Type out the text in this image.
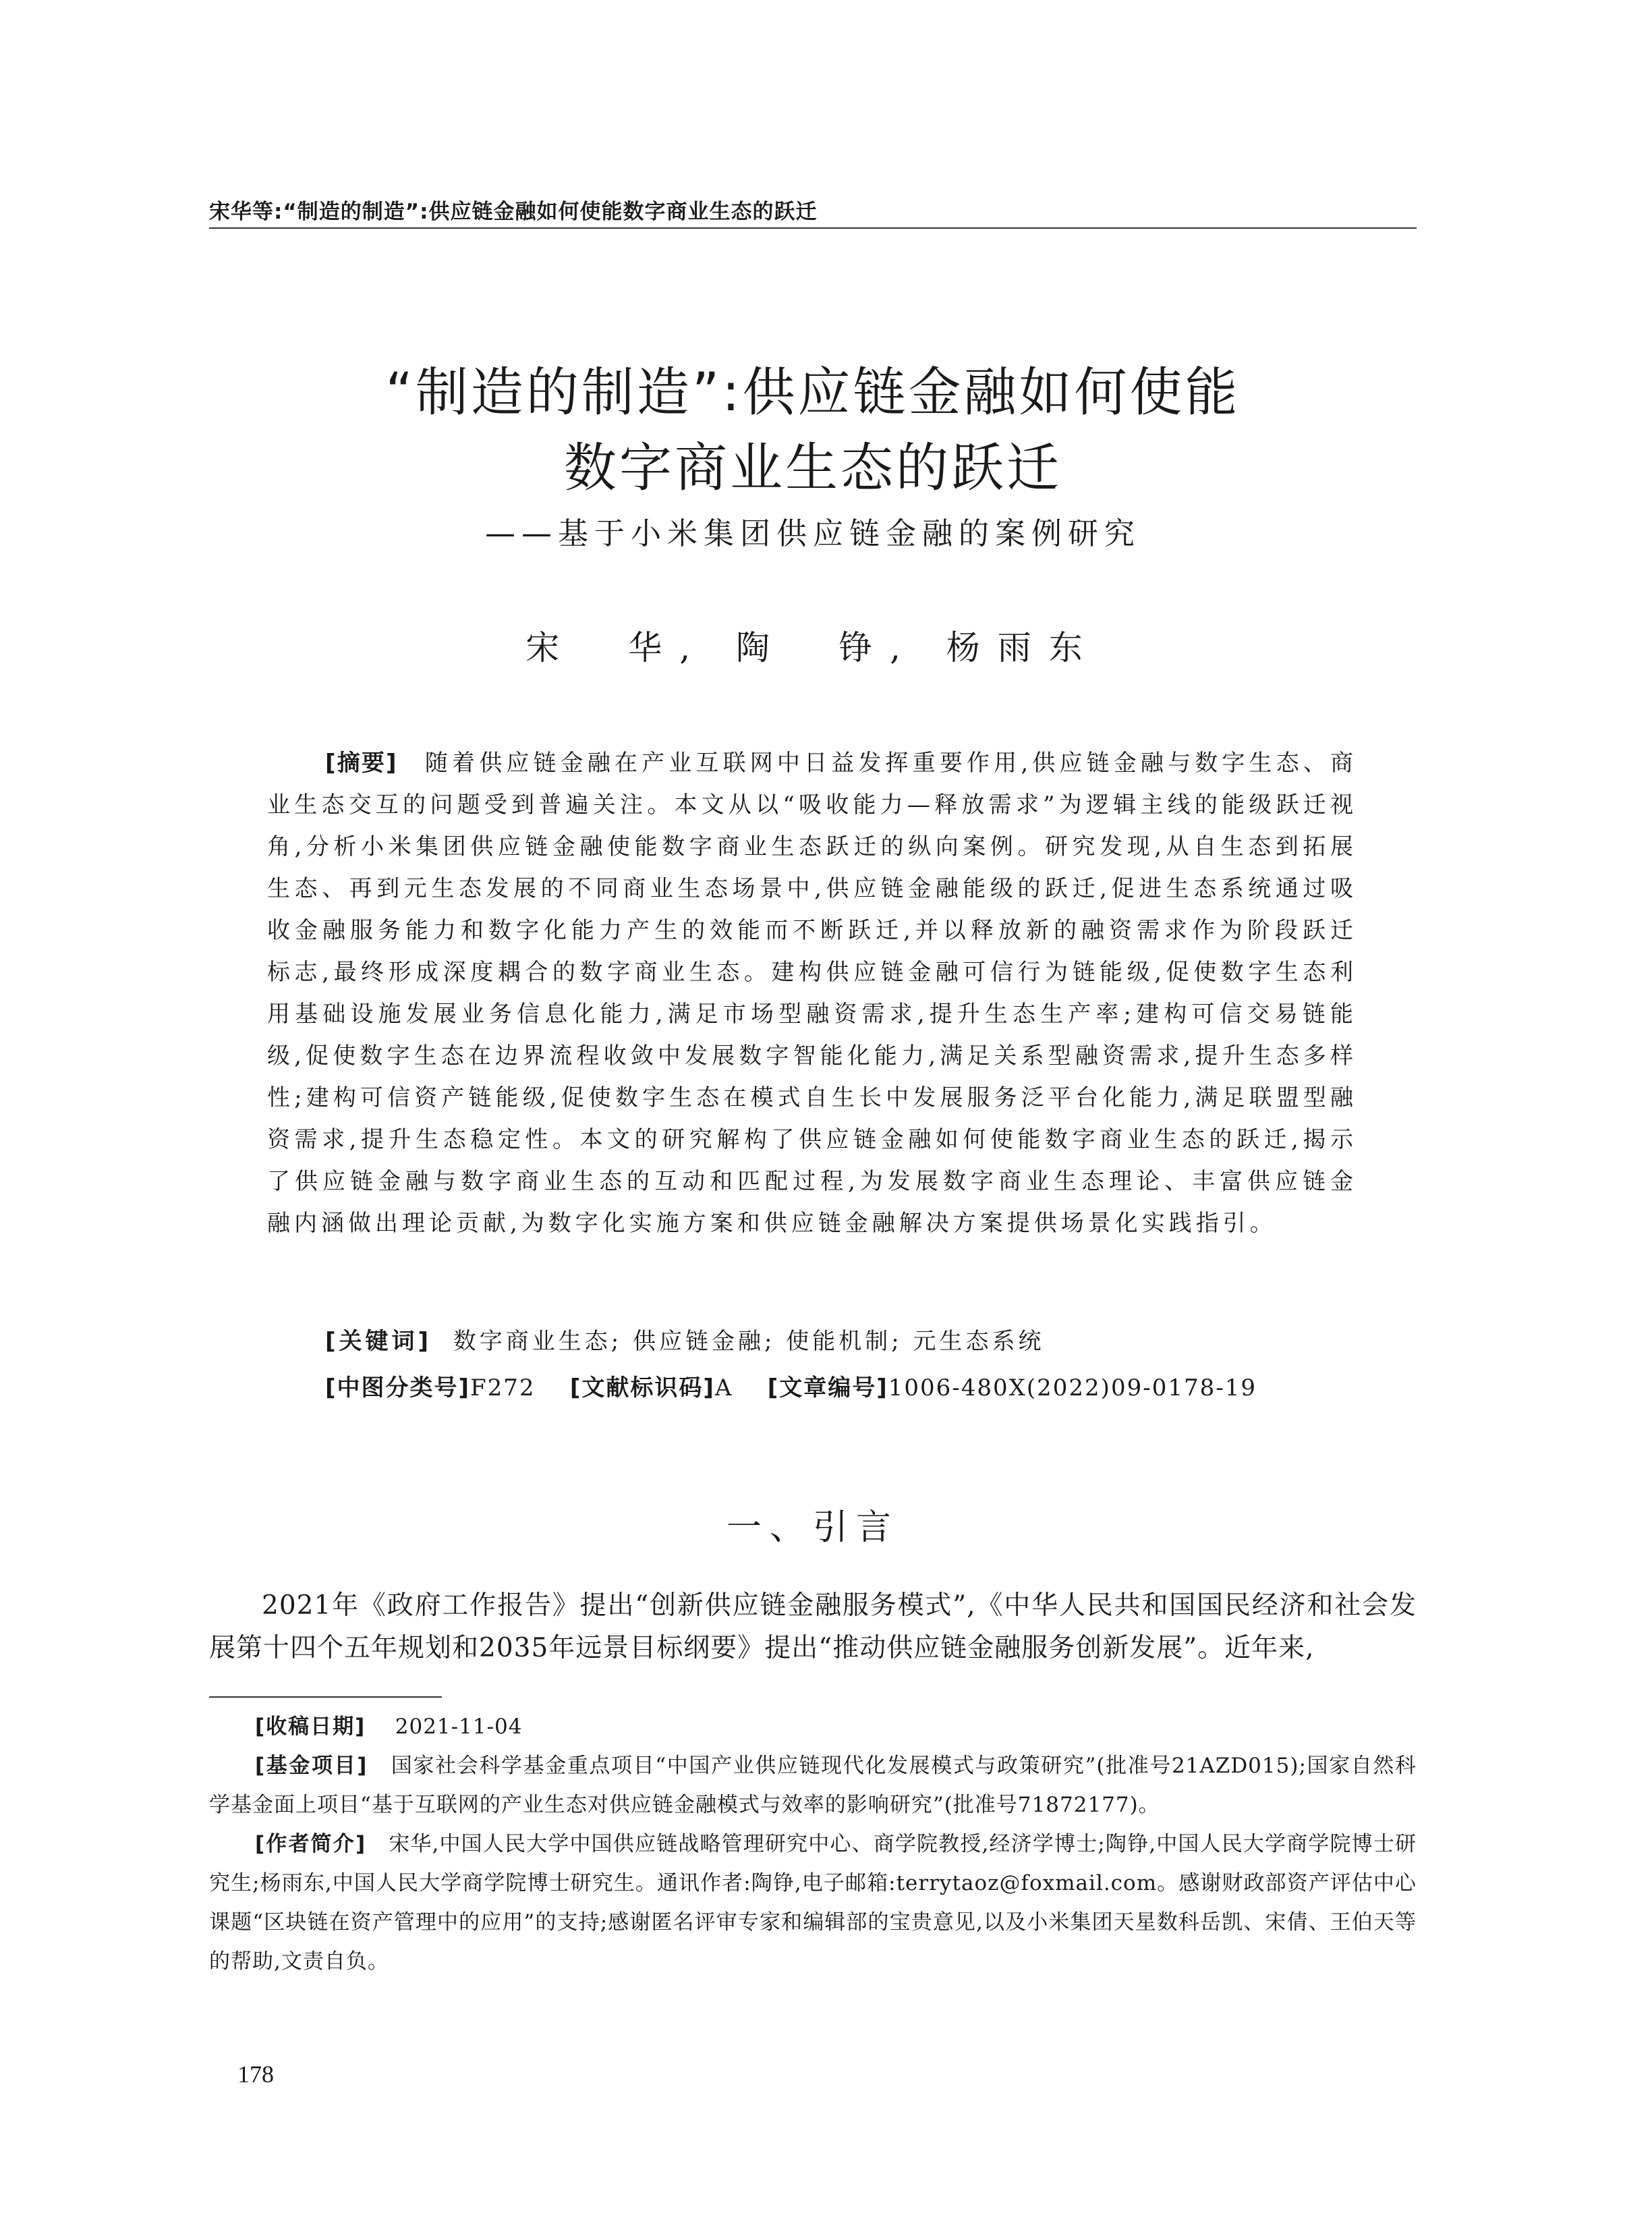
宋华等:“制造的制造”:供应链金融如何使能数字商业生态的跃迁
“制造的制造”:供应链金融如何使能
数字商业生态的跃迁
——基于小米集团供应链金融的案例研究
宋　华, 陶　铮, 杨雨东

[摘要]　 随着供应链金融在产业互联网中日益发挥重要作用,供应链金融与数字生态、商业生态交互的问题受到普遍关注。本文从以“吸收能力—释放需求”为逻辑主线的能级跃迁视角,分析小米集团供应链金融使能数字商业生态跃迁的纵向案例。研究发现,从自生态到拓展生态、再到元生态发展的不同商业生态场景中,供应链金融能级的跃迁,促进生态系统通过吸收金融服务能力和数字化能力产生的效能而不断跃迁,并以释放新的融资需求作为阶段跃迁标志,最终形成深度耦合的数字商业生态。建构供应链金融可信行为链能级,促使数字生态利用基础设施发展业务信息化能力,满足市场型融资需求,提升生态生产率;建构可信交易链能级,促使数字生态在边界流程收敛中发展数字智能化能力,满足关系型融资需求,提升生态多样性;建构可信资产链能级,促使数字生态在模式自生长中发展服务泛平台化能力,满足联盟型融资需求,提升生态稳定性。本文的研究解构了供应链金融如何使能数字商业生态的跃迁,揭示了供应链金融与数字商业生态的互动和匹配过程,为发展数字商业生态理论、丰富供应链金融内涵做出理论贡献,为数字化实施方案和供应链金融解决方案提供场景化实践指引。

[关键词] 数字商业生态; 供应链金融; 使能机制; 元生态系统
[中图分类号]F272 [文献标识码]A [文章编号]1006-480X(2022)09-0178-19
一、引言

2021年《政府工作报告》提出“创新供应链金融服务模式”,《中华人民共和国国民经济和社会发展第十四个五年规划和2035年远景目标纲要》提出“推动供应链金融服务创新发展”。近年来,

[收稿日期] 2021-11-04

[基金项目] 国家社会科学基金重点项目“中国产业供应链现代化发展模式与政策研究”(批准号21AZD015);国家自然科学基金面上项目“基于互联网的产业生态对供应链金融模式与效率的影响研究”(批准号71872177)。

[作者简介] 宋华,中国人民大学中国供应链战略管理研究中心、商学院教授,经济学博士;陶铮,中国人民大学商学院博士研究生;杨雨东,中国人民大学商学院博士研究生。通讯作者:陶铮,电子邮箱:terrytaoz@foxmail.com。感谢财政部资产评估中心课题“区块链在资产管理中的应用”的支持;感谢匿名评审专家和编辑部的宝贵意见,以及小米集团天星数科岳凯、宋倩、王伯天等的帮助,文责自负。

178
